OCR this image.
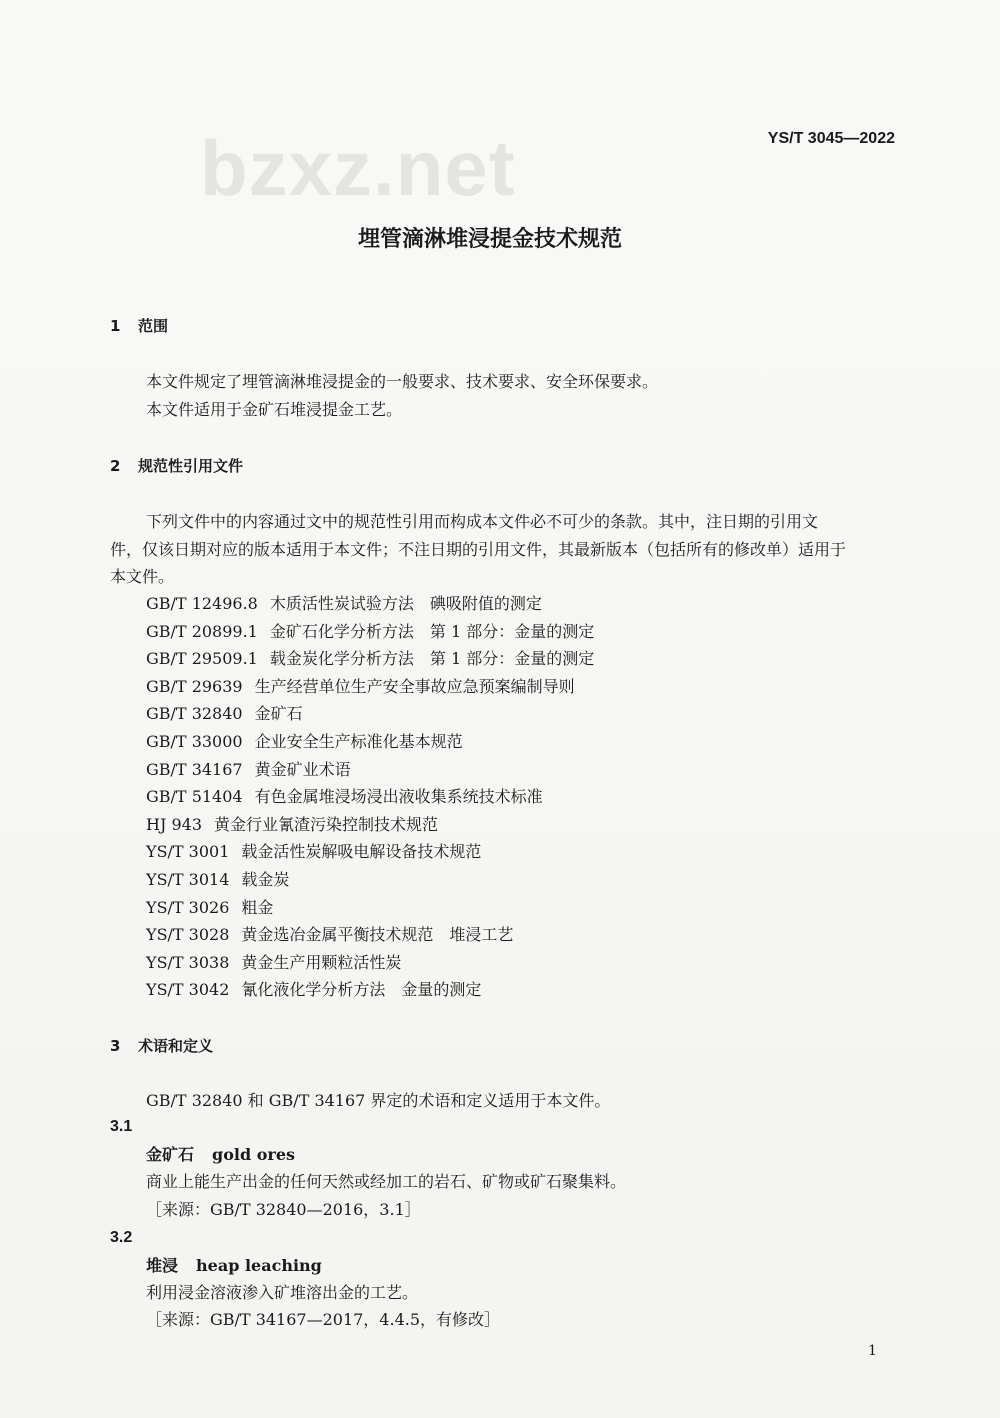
bzxz.net	YS/T 3045—2022
埋管滴淋堆浸提金技术规范
1 范围
本文件规定了埋管滴淋堆浸提金的一般要求、技术要求、安全环保要求。
本文件适用于金矿石堆浸提金工艺。
2 规范性引用文件
下列文件中的内容通过文中的规范性引用而构成本文件必不可少的条款。其中，注日期的引用文
件，仅该日期对应的版本适用于本文件；不注日期的引用文件，其最新版本（包括所有的修改单）适用于
本文件。
GB/T 12496.8 木质活性炭试验方法　碘吸附值的测定
GB/T 20899.1 金矿石化学分析方法　第 1 部分：金量的测定
GB/T 29509.1 载金炭化学分析方法　第 1 部分：金量的测定
GB/T 29639 生产经营单位生产安全事故应急预案编制导则
GB/T 32840 金矿石
GB/T 33000 企业安全生产标准化基本规范
GB/T 34167 黄金矿业术语
GB/T 51404 有色金属堆浸场浸出液收集系统技术标准
HJ 943 黄金行业氰渣污染控制技术规范
YS/T 3001 载金活性炭解吸电解设备技术规范
YS/T 3014 载金炭
YS/T 3026 粗金
YS/T 3028 黄金选冶金属平衡技术规范　堆浸工艺
YS/T 3038 黄金生产用颗粒活性炭
YS/T 3042 氰化液化学分析方法　金量的测定
3 术语和定义
GB/T 32840 和 GB/T 34167 界定的术语和定义适用于本文件。
3.1
金矿石 gold ores
商业上能生产出金的任何天然或经加工的岩石、矿物或矿石聚集料。
［来源：GB/T 32840—2016，3.1］
3.2
堆浸 heap leaching
利用浸金溶液渗入矿堆溶出金的工艺。
［来源：GB/T 34167—2017，4.4.5，有修改］
1
